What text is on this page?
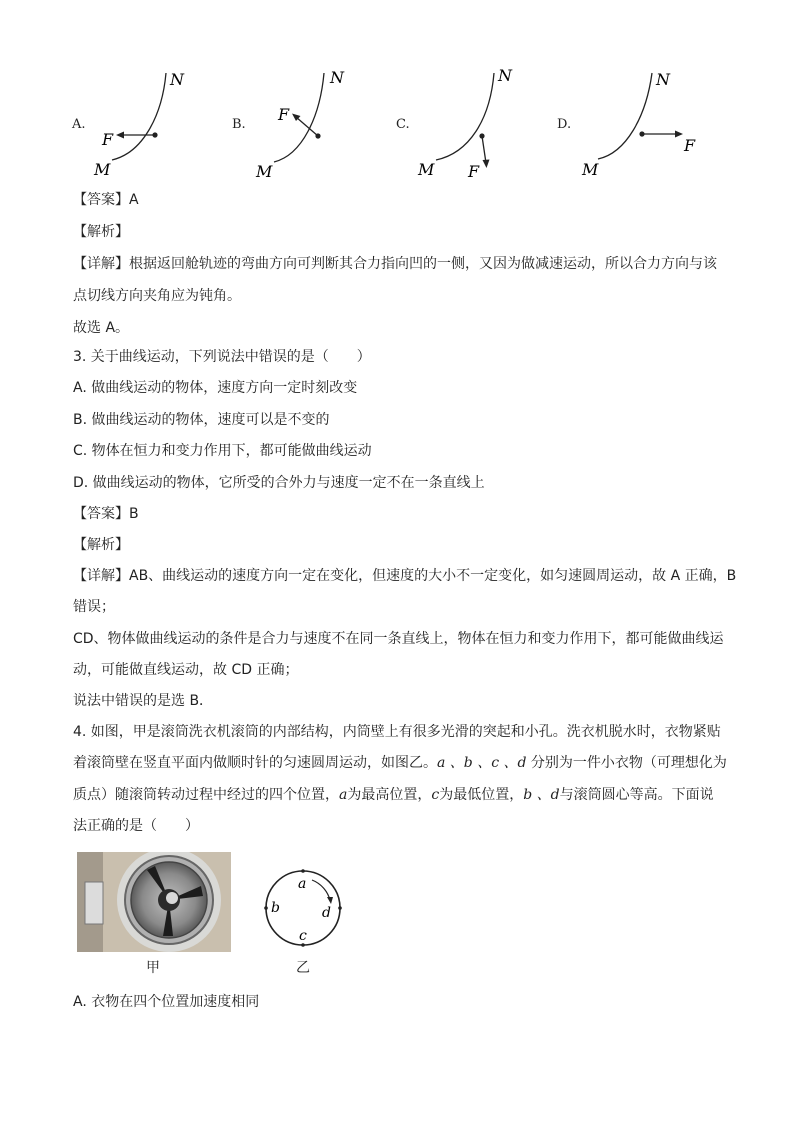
A.
N
F
M
B.
N
F
M
C.
N
F
M
D.
N
F
M
【答案】A
【解析】
【详解】根据返回舱轨迹的弯曲方向可判断其合力指向凹的一侧，又因为做减速运动，所以合力方向与该
点切线方向夹角应为钝角。
故选 A。
3. 关于曲线运动，下列说法中错误的是（　　）
A. 做曲线运动的物体，速度方向一定时刻改变
B. 做曲线运动的物体，速度可以是不变的
C. 物体在恒力和变力作用下，都可能做曲线运动
D. 做曲线运动的物体，它所受的合外力与速度一定不在一条直线上
【答案】B
【解析】
【详解】AB、曲线运动的速度方向一定在变化，但速度的大小不一定变化，如匀速圆周运动，故 A 正确，B
错误；
CD、物体做曲线运动的条件是合力与速度不在同一条直线上，物体在恒力和变力作用下，都可能做曲线运
动，可能做直线运动，故 CD 正确；
说法中错误的是选 B．
4. 如图，甲是滚筒洗衣机滚筒的内部结构，内筒壁上有很多光滑的突起和小孔。洗衣机脱水时，衣物紧贴
着滚筒壁在竖直平面内做顺时针的匀速圆周运动，如图乙。a 、b 、c 、d 分别为一件小衣物（可理想化为
质点）随滚筒转动过程中经过的四个位置，a为最高位置，c为最低位置，b 、d与滚筒圆心等高。下面说
法正确的是（　　）
甲
a
b
c
d
乙
A. 衣物在四个位置加速度相同
